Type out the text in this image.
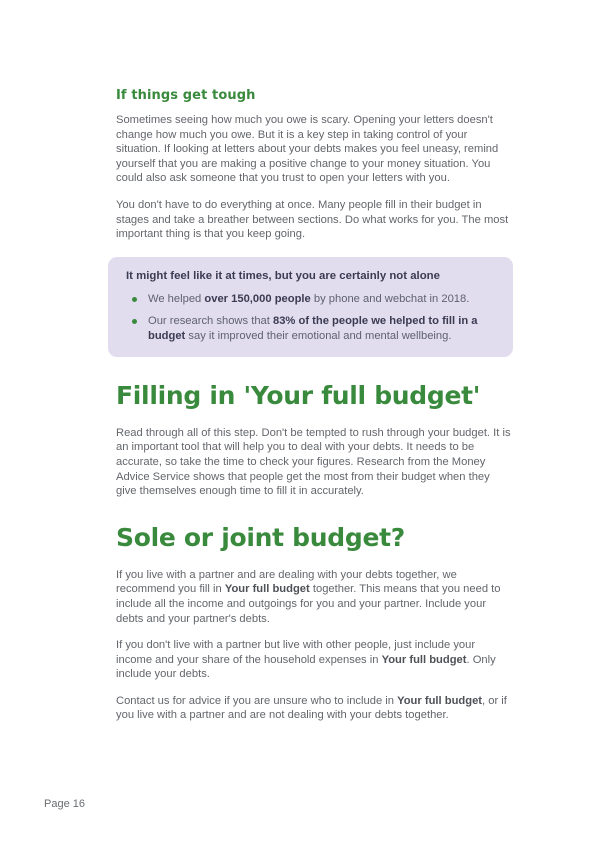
If things get tough

Sometimes seeing how much you owe is scary. Opening your letters doesn't change how much you owe. But it is a key step in taking control of your situation. If looking at letters about your debts makes you feel uneasy, remind yourself that you are making a positive change to your money situation. You could also ask someone that you trust to open your letters with you.

You don't have to do everything at once. Many people fill in their budget in stages and take a breather between sections. Do what works for you. The most important thing is that you keep going.

It might feel like it at times, but you are certainly not alone

We helped over 150,000 people by phone and webchat in 2018.

Our research shows that 83% of the people we helped to fill in a budget say it improved their emotional and mental wellbeing.

Filling in 'Your full budget'

Read through all of this step. Don't be tempted to rush through your budget. It is an important tool that will help you to deal with your debts. It needs to be accurate, so take the time to check your figures. Research from the Money Advice Service shows that people get the most from their budget when they give themselves enough time to fill it in accurately.

Sole or joint budget?

If you live with a partner and are dealing with your debts together, we recommend you fill in Your full budget together. This means that you need to include all the income and outgoings for you and your partner. Include your debts and your partner's debts.

If you don't live with a partner but live with other people, just include your income and your share of the household expenses in Your full budget. Only include your debts.

Contact us for advice if you are unsure who to include in Your full budget, or if you live with a partner and are not dealing with your debts together.

Page 16
